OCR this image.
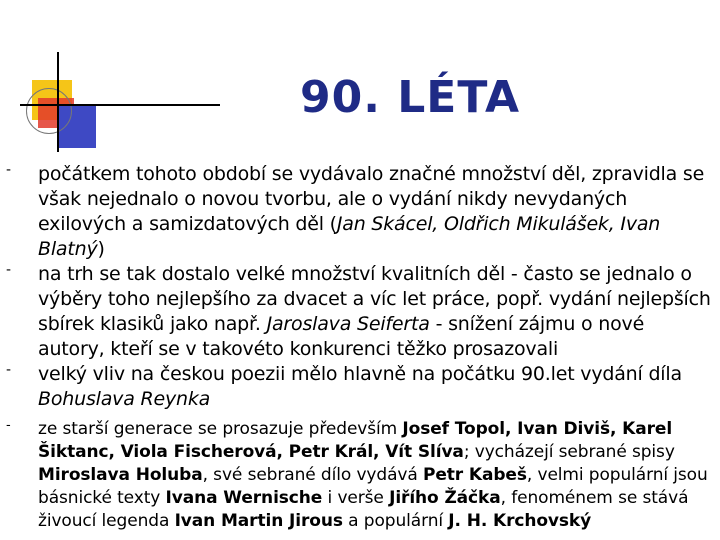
90. LÉTA
- počátkem tohoto období se vydávalo značné množství děl, zpravidla se však nejednalo o novou tvorbu, ale o vydání nikdy nevydaných exilových a samizdatových děl (Jan Skácel, Oldřich Mikulášek, Ivan Blatný)
- na trh se tak dostalo velké množství kvalitních děl - často se jednalo o výběry toho nejlepšího za dvacet a víc let práce, popř. vydání nejlepších sbírek klasiků jako např. Jaroslava Seiferta - snížení zájmu o nové autory, kteří se v takovéto konkurenci těžko prosazovali
- velký vliv na českou poezii mělo hlavně na počátku 90.let vydání díla Bohuslava Reynka
- ze starší generace se prosazuje především Josef Topol, Ivan Diviš, Karel Šiktanc, Viola Fischerová, Petr Král, Vít Slíva; vycházejí sebrané spisy Miroslava Holuba, své sebrané dílo vydává Petr Kabeš, velmi populární jsou básnické texty Ivana Wernische i verše Jiřího Žáčka, fenoménem se stává živoucí legenda Ivan Martin Jirous a populární J. H. Krchovský
